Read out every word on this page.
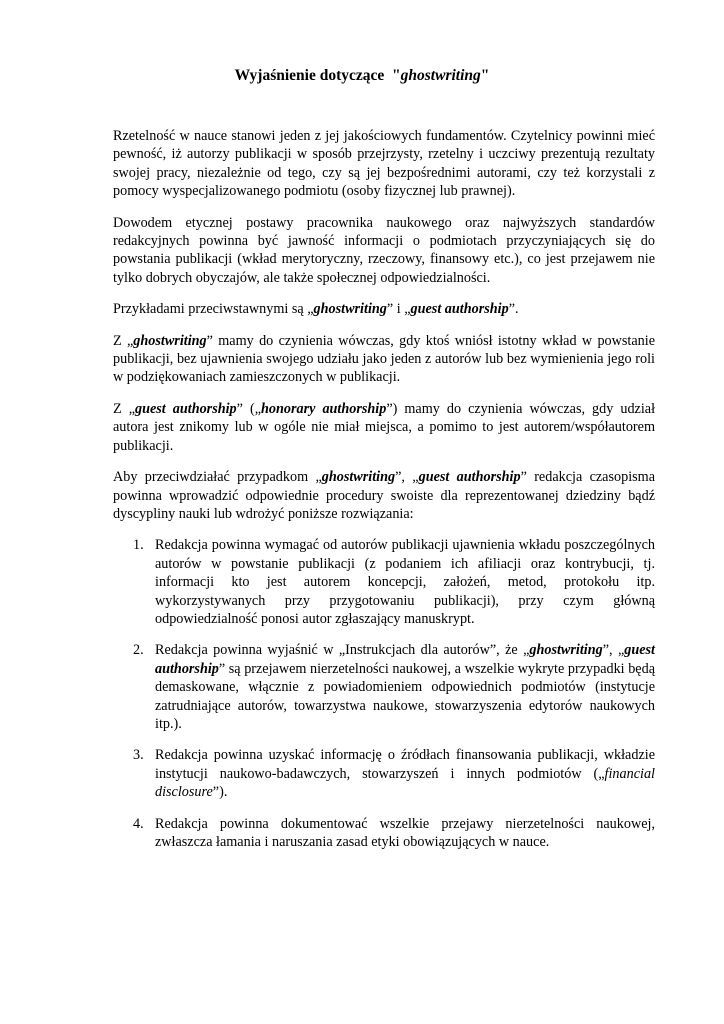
Wyjaśnienie dotyczące "ghostwriting"

Rzetelność w nauce stanowi jeden z jej jakościowych fundamentów. Czytelnicy powinni mieć pewność, iż autorzy publikacji w sposób przejrzysty, rzetelny i uczciwy prezentują rezultaty swojej pracy, niezależnie od tego, czy są jej bezpośrednimi autorami, czy też korzystali z pomocy wyspecjalizowanego podmiotu (osoby fizycznej lub prawnej).

Dowodem etycznej postawy pracownika naukowego oraz najwyższych standardów redakcyjnych powinna być jawność informacji o podmiotach przyczyniających się do powstania publikacji (wkład merytoryczny, rzeczowy, finansowy etc.), co jest przejawem nie tylko dobrych obyczajów, ale także społecznej odpowiedzialności.

Przykładami przeciwstawnymi są „ghostwriting” i „guest authorship”.

Z „ghostwriting” mamy do czynienia wówczas, gdy ktoś wniósł istotny wkład w powstanie publikacji, bez ujawnienia swojego udziału jako jeden z autorów lub bez wymienienia jego roli w podziękowaniach zamieszczonych w publikacji.

Z „guest authorship” („honorary authorship”) mamy do czynienia wówczas, gdy udział autora jest znikomy lub w ogóle nie miał miejsca, a pomimo to jest autorem/współautorem publikacji.

Aby przeciwdziałać przypadkom „ghostwriting”, „guest authorship” redakcja czasopisma powinna wprowadzić odpowiednie procedury swoiste dla reprezentowanej dziedziny bądź dyscypliny nauki lub wdrożyć poniższe rozwiązania:

1. Redakcja powinna wymagać od autorów publikacji ujawnienia wkładu poszczególnych autorów w powstanie publikacji (z podaniem ich afiliacji oraz kontrybucji, tj. informacji kto jest autorem koncepcji, założeń, metod, protokołu itp. wykorzystywanych przy przygotowaniu publikacji), przy czym główną odpowiedzialność ponosi autor zgłaszający manuskrypt.
2. Redakcja powinna wyjaśnić w „Instrukcjach dla autorów”, że „ghostwriting”, „guest authorship” są przejawem nierzetelności naukowej, a wszelkie wykryte przypadki będą demaskowane, włącznie z powiadomieniem odpowiednich podmiotów (instytucje zatrudniające autorów, towarzystwa naukowe, stowarzyszenia edytorów naukowych itp.).
3. Redakcja powinna uzyskać informację o źródłach finansowania publikacji, wkładzie instytucji naukowo-badawczych, stowarzyszeń i innych podmiotów („financial disclosure”).
4. Redakcja powinna dokumentować wszelkie przejawy nierzetelności naukowej, zwłaszcza łamania i naruszania zasad etyki obowiązujących w nauce.
